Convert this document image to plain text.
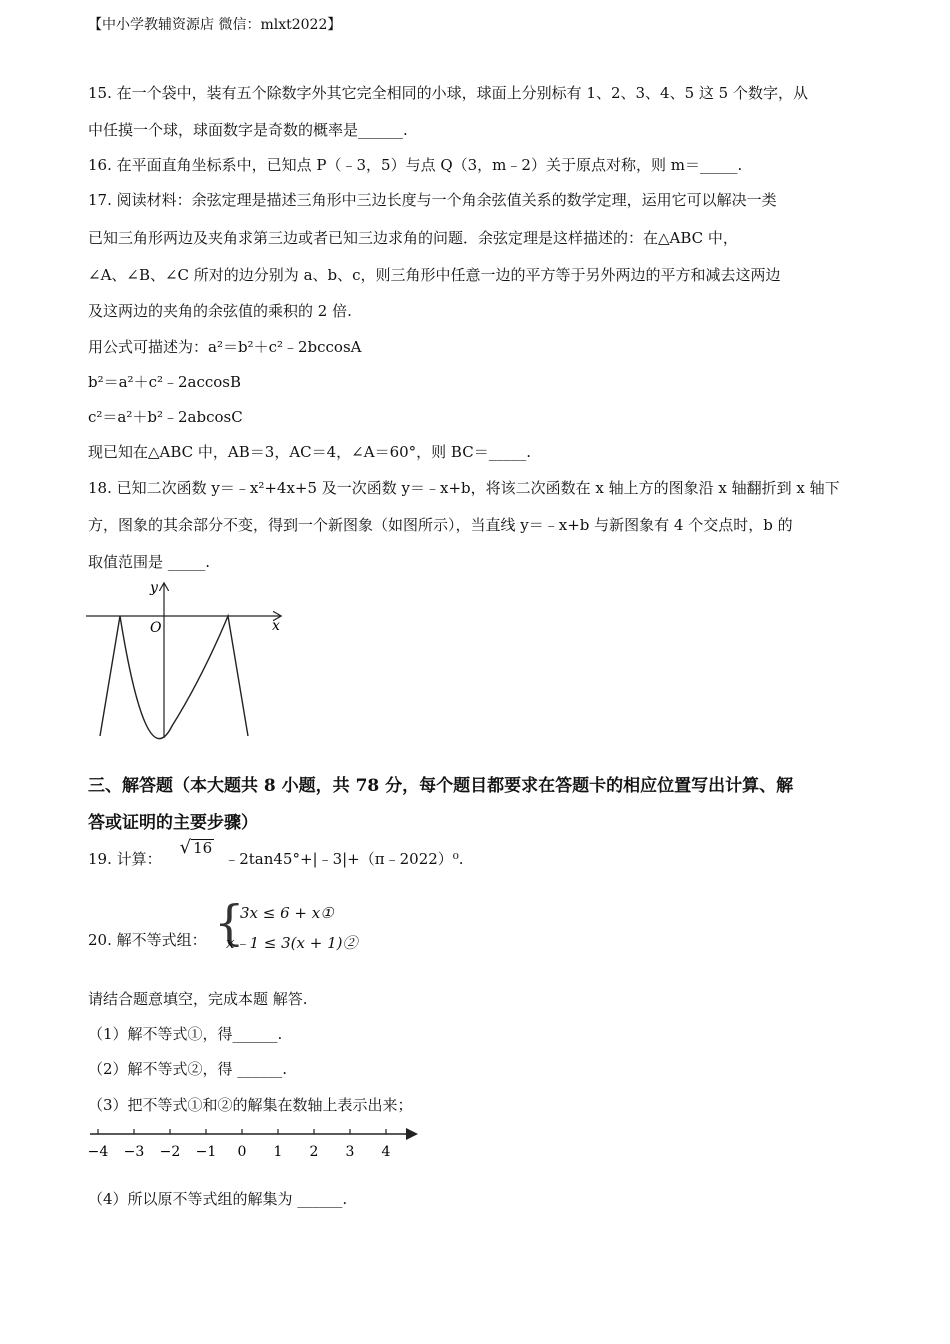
【中小学教辅资源店 微信：mlxt2022】
15. 在一个袋中，装有五个除数字外其它完全相同的小球，球面上分别标有 1、2、3、4、5 这 5 个数字，从
中任摸一个球，球面数字是奇数的概率是______.
16. 在平面直角坐标系中，已知点 P（﹣3，5）与点 Q（3，m﹣2）关于原点对称，则 m＝_____.
17. 阅读材料：余弦定理是描述三角形中三边长度与一个角余弦值关系的数学定理，运用它可以解决一类
已知三角形两边及夹角求第三边或者已知三边求角的问题．余弦定理是这样描述的：在△ABC 中，
∠A、∠B、∠C 所对的边分别为 a、b、c，则三角形中任意一边的平方等于另外两边的平方和减去这两边
及这两边的夹角的余弦值的乘积的 2 倍.
用公式可描述为：a²＝b²＋c²﹣2bccosA
b²＝a²＋c²﹣2accosB
c²＝a²＋b²﹣2abcosC
现已知在△ABC 中，AB＝3，AC＝4，∠A＝60°，则 BC＝_____.
18. 已知二次函数 y＝﹣x²+4x+5 及一次函数 y＝﹣x+b，将该二次函数在 x 轴上方的图象沿 x 轴翻折到 x 轴下
方，图象的其余部分不变，得到一个新图象（如图所示），当直线 y＝﹣x+b 与新图象有 4 个交点时，b 的
取值范围是 _____.
y
x
O
三、解答题（本大题共 8 小题，共 78 分，每个题目都要求在答题卡的相应位置写出计算、解
答或证明的主要步骤）
19. 计算：
√ 16
﹣2tan45°+|﹣3|+（π﹣2022）⁰.
20. 解不等式组： {
3x ≤ 6 + x①
x﹣1 ≤ 3(x + 1)②
请结合题意填空，完成本题 解答.
（1）解不等式①，得______.
（2）解不等式②，得 ______.
（3）把不等式①和②的解集在数轴上表示出来；
−4 −3 −2 −1 0 1 2 3 4
（4）所以原不等式组的解集为 ______.
